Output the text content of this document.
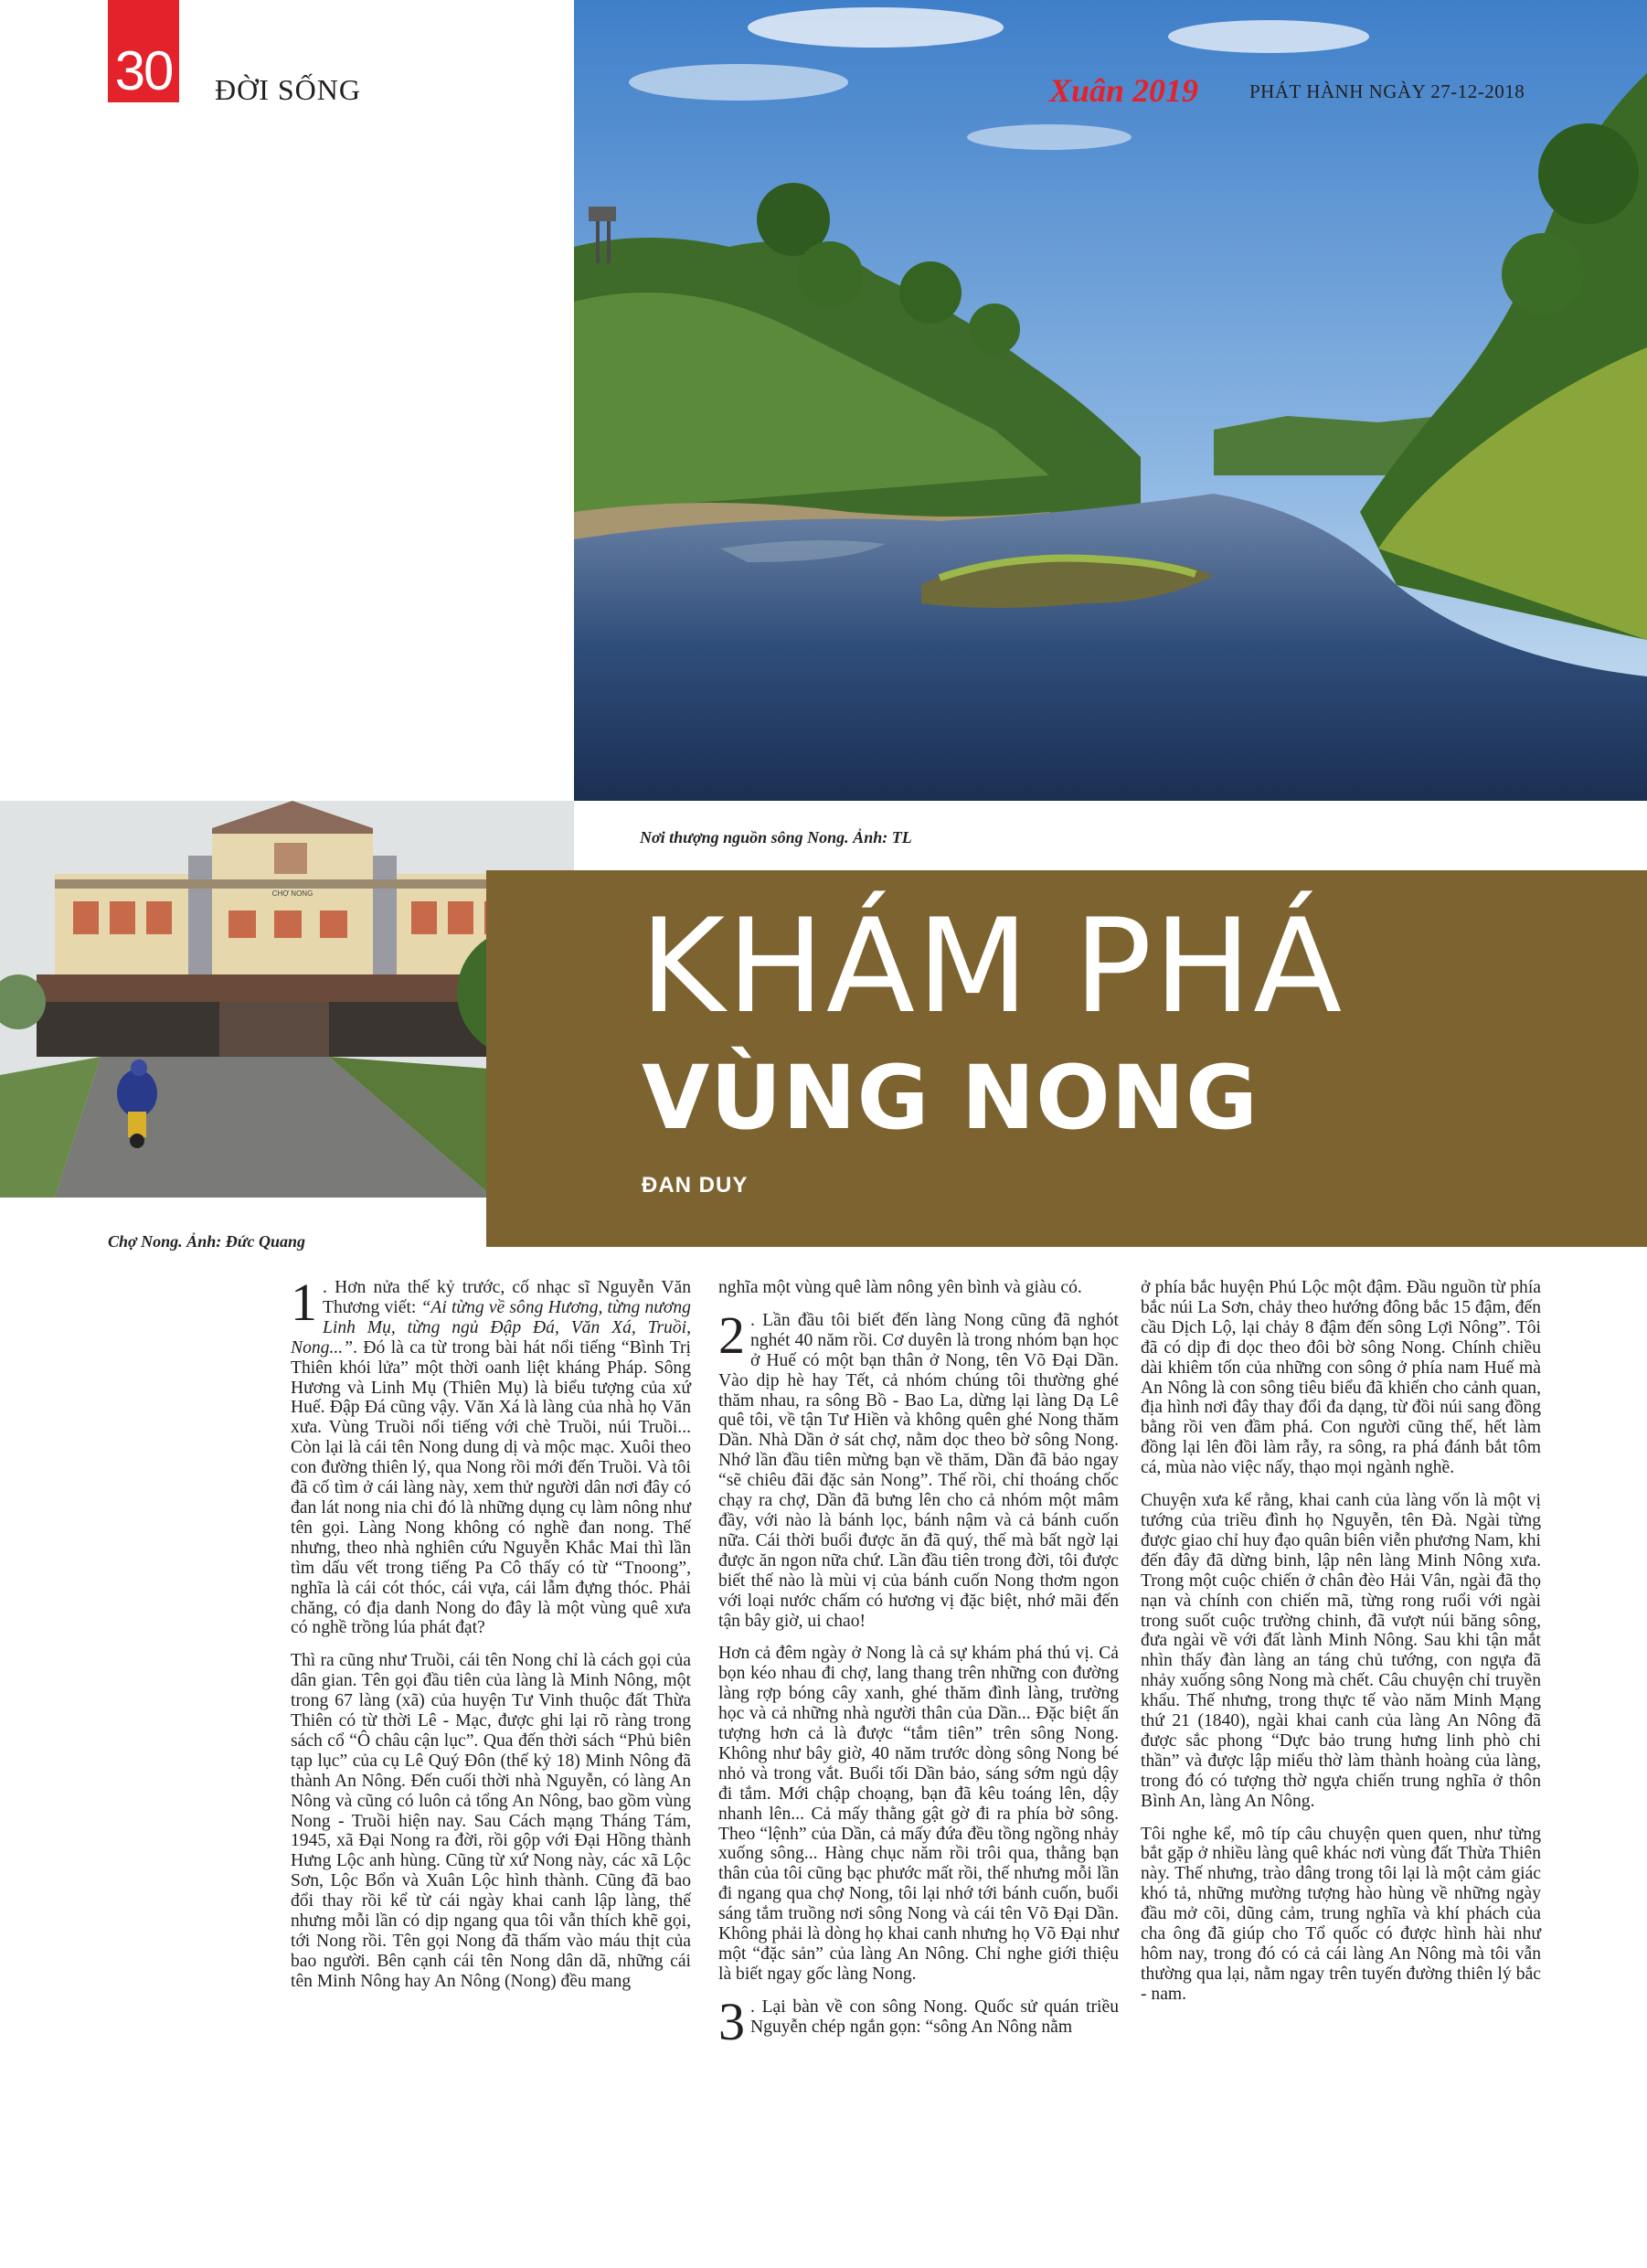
30 ĐỜI SỐNG	Xuân 2019	PHÁT HÀNH NGÀY 27-12-2018
CHỢ NONG
Nơi thượng nguồn sông Nong. Ảnh: TL
Chợ Nong. Ảnh: Đức Quang
KHÁM PHÁ
VÙNG NONG
ĐAN DUY

1 . Hơn nửa thế kỷ trước, cố nhạc sĩ Nguyễn Văn Thương viết: “Ai từng về sông Hương, từng nương Linh Mụ, từng ngủ Đập Đá, Văn Xá, Truồi, Nong...”. Đó là ca từ trong bài hát nổi tiếng “Bình Trị Thiên khói lửa” một thời oanh liệt kháng Pháp. Sông Hương và Linh Mụ (Thiên Mụ) là biểu tượng của xứ Huế. Đập Đá cũng vậy. Văn Xá là làng của nhà họ Văn xưa. Vùng Truồi nổi tiếng với chè Truồi, núi Truồi... Còn lại là cái tên Nong dung dị và mộc mạc. Xuôi theo con đường thiên lý, qua Nong rồi mới đến Truồi. Và tôi đã cố tìm ở cái làng này, xem thử người dân nơi đây có đan lát nong nia chi đó là những dụng cụ làm nông như tên gọi. Làng Nong không có nghề đan nong. Thế nhưng, theo nhà nghiên cứu Nguyễn Khắc Mai thì lần tìm dấu vết trong tiếng Pa Cô thấy có từ “Tnoong”, nghĩa là cái cót thóc, cái vựa, cái lẫm đựng thóc. Phải chăng, có địa danh Nong do đây là một vùng quê xưa có nghề trồng lúa phát đạt?

Thì ra cũng như Truồi, cái tên Nong chỉ là cách gọi của dân gian. Tên gọi đầu tiên của làng là Minh Nông, một trong 67 làng (xã) của huyện Tư Vinh thuộc đất Thừa Thiên có từ thời Lê - Mạc, được ghi lại rõ ràng trong sách cổ “Ô châu cận lục”. Qua đến thời sách “Phủ biên tạp lục” của cụ Lê Quý Đôn (thế kỷ 18) Minh Nông đã thành An Nông. Đến cuối thời nhà Nguyễn, có làng An Nông và cũng có luôn cả tổng An Nông, bao gồm vùng Nong - Truồi hiện nay. Sau Cách mạng Tháng Tám, 1945, xã Đại Nong ra đời, rồi gộp với Đại Hồng thành Hưng Lộc anh hùng. Cũng từ xứ Nong này, các xã Lộc Sơn, Lộc Bổn và Xuân Lộc hình thành. Cũng đã bao đổi thay rồi kể từ cái ngày khai canh lập làng, thế nhưng mỗi lần có dịp ngang qua tôi vẫn thích khẽ gọi, tới Nong rồi. Tên gọi Nong đã thấm vào máu thịt của bao người. Bên cạnh cái tên Nong dân dã, những cái tên Minh Nông hay An Nông (Nong) đều mang

nghĩa một vùng quê làm nông yên bình và giàu có.

2 . Lần đầu tôi biết đến làng Nong cũng đã nghót nghét 40 năm rồi. Cơ duyên là trong nhóm bạn học ở Huế có một bạn thân ở Nong, tên Võ Đại Dần. Vào dịp hè hay Tết, cả nhóm chúng tôi thường ghé thăm nhau, ra sông Bồ - Bao La, dừng lại làng Dạ Lê quê tôi, về tận Tư Hiền và không quên ghé Nong thăm Dần. Nhà Dần ở sát chợ, nằm dọc theo bờ sông Nong. Nhớ lần đầu tiên mừng bạn về thăm, Dần đã bảo ngay “sẽ chiêu đãi đặc sản Nong”. Thế rồi, chỉ thoáng chốc chạy ra chợ, Dần đã bưng lên cho cả nhóm một mâm đầy, với nào là bánh lọc, bánh nậm và cả bánh cuốn nữa. Cái thời buổi được ăn đã quý, thế mà bất ngờ lại được ăn ngon nữa chứ. Lần đầu tiên trong đời, tôi được biết thế nào là mùi vị của bánh cuốn Nong thơm ngon với loại nước chấm có hương vị đặc biệt, nhớ mãi đến tận bây giờ, ui chao!

Hơn cả đêm ngày ở Nong là cả sự khám phá thú vị. Cả bọn kéo nhau đi chợ, lang thang trên những con đường làng rợp bóng cây xanh, ghé thăm đình làng, trường học và cả những nhà người thân của Dần... Đặc biệt ấn tượng hơn cả là được “tắm tiên” trên sông Nong. Không như bây giờ, 40 năm trước dòng sông Nong bé nhỏ và trong vắt. Buổi tối Dần bảo, sáng sớm ngủ dậy đi tắm. Mới chập choạng, bạn đã kêu toáng lên, dậy nhanh lên... Cả mấy thằng gật gờ đi ra phía bờ sông. Theo “lệnh” của Dần, cả mấy đứa đều tồng ngồng nhảy xuống sông... Hàng chục năm rồi trôi qua, thằng bạn thân của tôi cũng bạc phước mất rồi, thế nhưng mỗi lần đi ngang qua chợ Nong, tôi lại nhớ tới bánh cuốn, buổi sáng tắm truồng nơi sông Nong và cái tên Võ Đại Dần. Không phải là dòng họ khai canh nhưng họ Võ Đại như một “đặc sản” của làng An Nông. Chỉ nghe giới thiệu là biết ngay gốc làng Nong.

3 . Lại bàn về con sông Nong. Quốc sử quán triều Nguyễn chép ngắn gọn: “sông An Nông nằm

ở phía bắc huyện Phú Lộc một đậm. Đầu nguồn từ phía bắc núi La Sơn, chảy theo hướng đông bắc 15 đậm, đến cầu Dịch Lộ, lại chảy 8 đậm đến sông Lợi Nông”. Tôi đã có dịp đi dọc theo đôi bờ sông Nong. Chính chiều dài khiêm tốn của những con sông ở phía nam Huế mà An Nông là con sông tiêu biểu đã khiến cho cảnh quan, địa hình nơi đây thay đổi đa dạng, từ đồi núi sang đồng bằng rồi ven đầm phá. Con người cũng thế, hết làm đồng lại lên đồi làm rẫy, ra sông, ra phá đánh bắt tôm cá, mùa nào việc nấy, thạo mọi ngành nghề.

Chuyện xưa kể rằng, khai canh của làng vốn là một vị tướng của triều đình họ Nguyễn, tên Đà. Ngài từng được giao chỉ huy đạo quân biên viễn phương Nam, khi đến đây đã dừng binh, lập nên làng Minh Nông xưa. Trong một cuộc chiến ở chân đèo Hải Vân, ngài đã thọ nạn và chính con chiến mã, từng rong ruổi với ngài trong suốt cuộc trường chinh, đã vượt núi băng sông, đưa ngài về với đất lành Minh Nông. Sau khi tận mắt nhìn thấy đàn làng an táng chủ tướng, con ngựa đã nhảy xuống sông Nong mà chết. Câu chuyện chỉ truyền khẩu. Thế nhưng, trong thực tế vào năm Minh Mạng thứ 21 (1840), ngài khai canh của làng An Nông đã được sắc phong “Dực bảo trung hưng linh phò chi thần” và được lập miếu thờ làm thành hoàng của làng, trong đó có tượng thờ ngựa chiến trung nghĩa ở thôn Bình An, làng An Nông.

Tôi nghe kể, mô típ câu chuyện quen quen, như từng bắt gặp ở nhiều làng quê khác nơi vùng đất Thừa Thiên này. Thế nhưng, trào dâng trong tôi lại là một cảm giác khó tả, những mường tượng hào hùng về những ngày đầu mở cõi, dũng cảm, trung nghĩa và khí phách của cha ông đã giúp cho Tổ quốc có được hình hài như hôm nay, trong đó có cả cái làng An Nông mà tôi vẫn thường qua lại, nằm ngay trên tuyến đường thiên lý bắc - nam.
